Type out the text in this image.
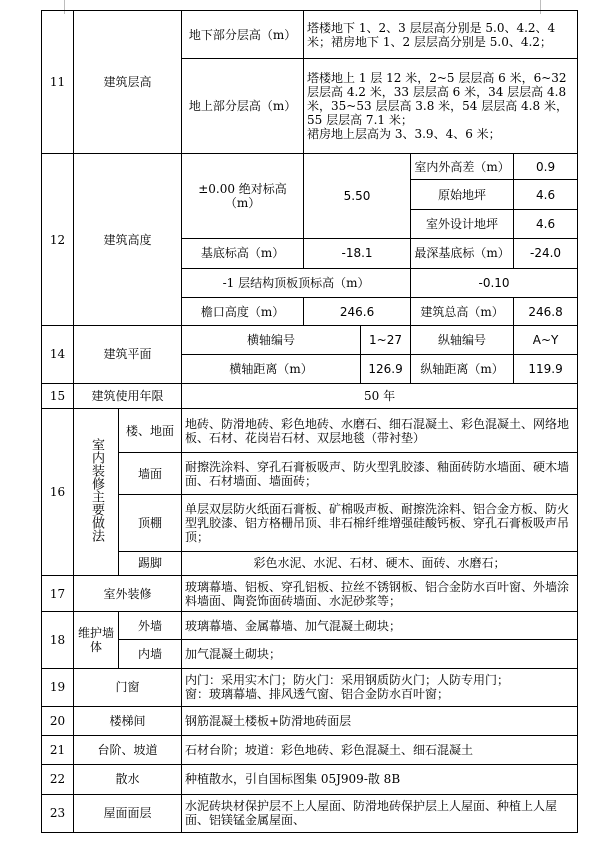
11	建筑层高		地下部分层高（m）	塔楼地下 1、2、3 层层高分别是 5.0、4.2、4 米；裙房地下 1、2 层层高分别是 5.0、4.2；			
			地上部分层高（m）	塔楼地上 1 层 12 米，2~5 层层高 6 米，6~32 层层高 4.2 米，33 层层高 6 米，34 层层高 4.8 米，35~53 层层高 3.8 米，54 层层高 4.8 米，55 层层高 7.1 米；
裙房地上层高为 3、3.9、4、6 米；			

12	建筑高度		±0.00 绝对标高（m）	5.50		室内外高差（m）	0.9
						原始地坪	4.6
						室外设计地坪	4.6
			基底标高（m）	-18.1		最深基底标（m）	-24.0
			-1 层结构顶板顶标高（m）			-0.10	
			檐口高度（m）	246.6		建筑总高（m）	246.8
14	建筑平面		横轴编号		1~27	纵轴编号	A~Y
			横轴距离（m）		126.9	纵轴距离（m）	119.9
15	建筑使用年限		50 年				
16	室内装修主要做法	楼、地面	地砖、防滑地砖、彩色地砖、水磨石、细石混凝土、彩色混凝土、网络地板、石材、花岗岩石材、双层地毯（带衬垫）				
		墙面	耐擦洗涂料、穿孔石膏板吸声、防火型乳胶漆、釉面砖防水墙面、硬木墙面、石材墙面、墙面砖；				
		顶棚	单层双层防火纸面石膏板、矿棉吸声板、耐擦洗涂料、铝合金方板、防火型乳胶漆、铝方格栅吊顶、非石棉纤维增强硅酸钙板、穿孔石膏板吸声吊顶；				
		踢脚	彩色水泥、水泥、石材、硬木、面砖、水磨石；				
17	室外装修		玻璃幕墙、铝板、穿孔铝板、拉丝不锈钢板、铝合金防水百叶窗、外墙涂料墙面、陶瓷饰面砖墙面、水泥砂浆等；				
18	维护墙体	外墙	玻璃幕墙、金属幕墙、加气混凝土砌块；				
		内墙	加气混凝土砌块；				
19	门窗		内门：采用实木门；防火门：采用钢质防火门；人防专用门；
窗：玻璃幕墙、排风透气窗、铝合金防水百叶窗；				

20	楼梯间		钢筋混凝土楼板+防滑地砖面层				
21	台阶、坡道		石材台阶；坡道：彩色地砖、彩色混凝土、细石混凝土				
22	散水		种植散水，引自国标图集 05J909-散 8B				
23	屋面面层		水泥砖块材保护层不上人屋面、防滑地砖保护层上人屋面、种植上人屋面、铝镁锰金属屋面、				
